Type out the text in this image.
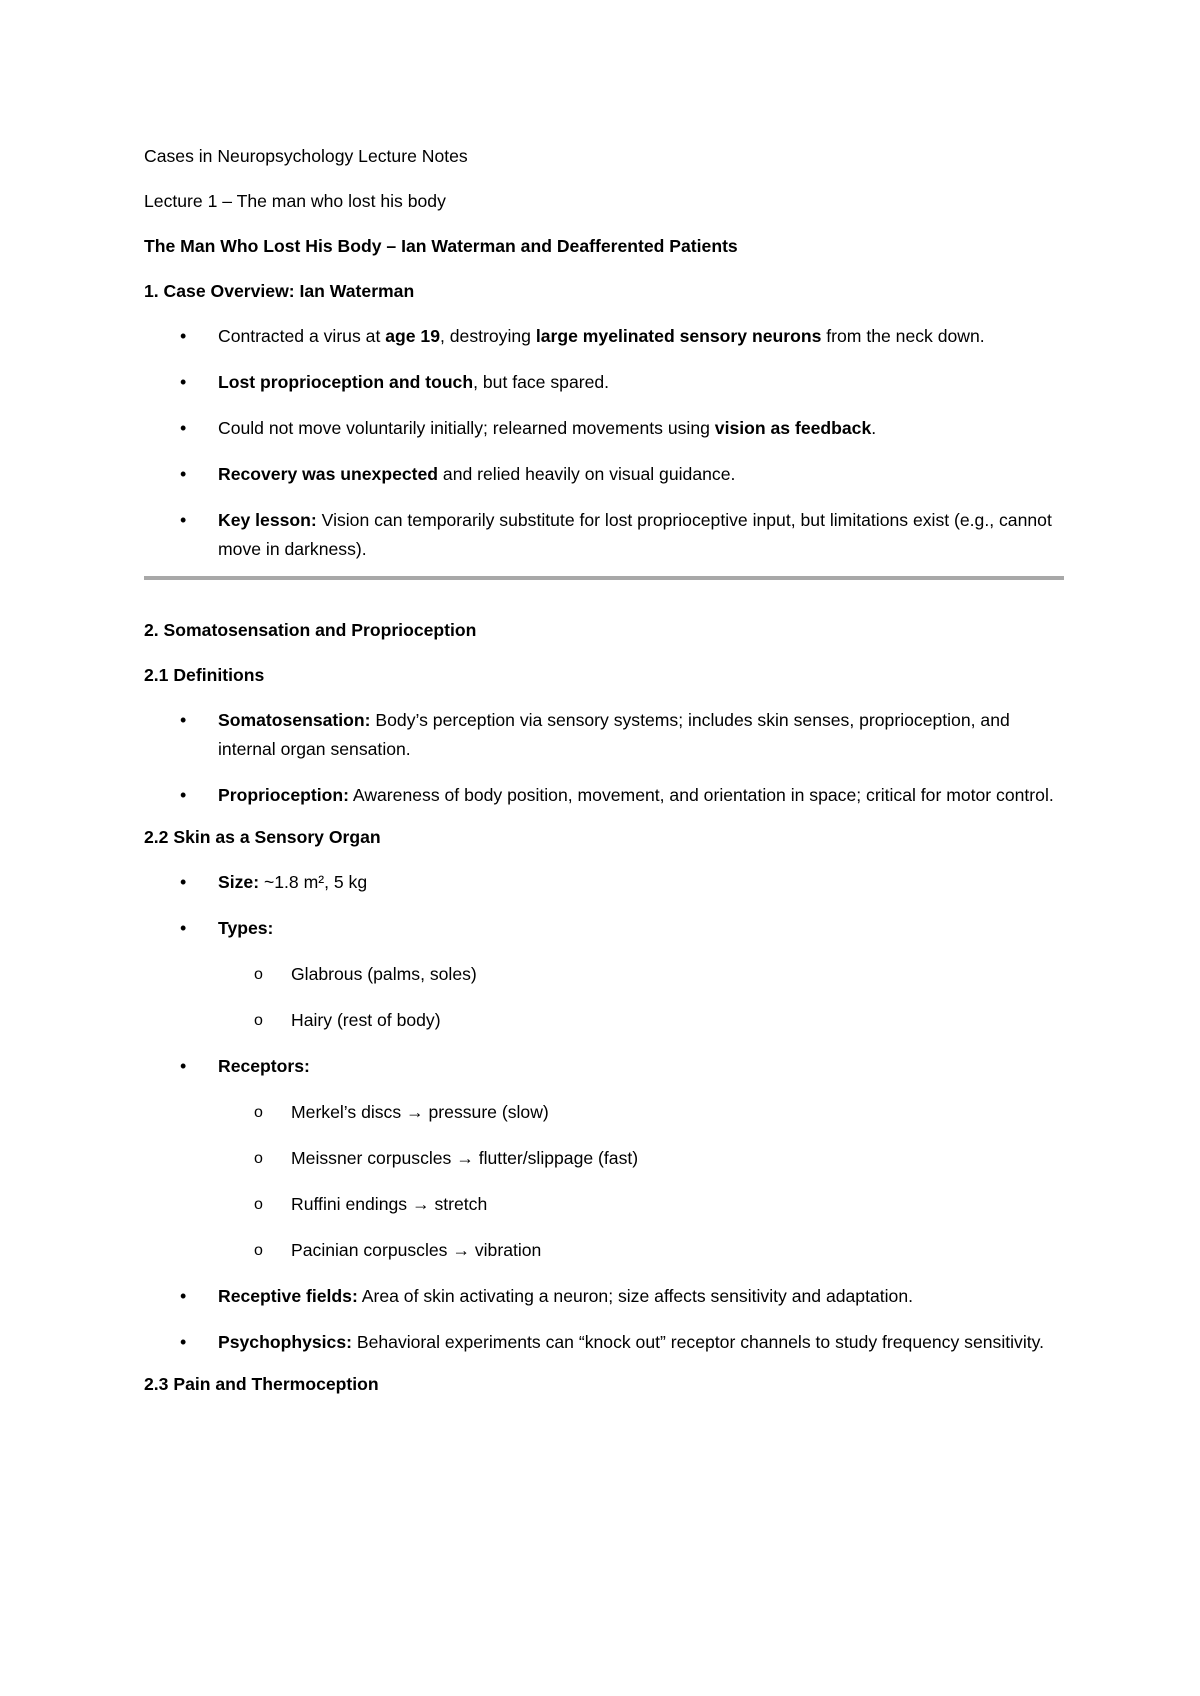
Cases in Neuropsychology Lecture Notes

Lecture 1 – The man who lost his body

The Man Who Lost His Body – Ian Waterman and Deafferented Patients

1. Case Overview: Ian Waterman

• Contracted a virus at age 19, destroying large myelinated sensory neurons from the neck down.
• Lost proprioception and touch, but face spared.
• Could not move voluntarily initially; relearned movements using vision as feedback.
• Recovery was unexpected and relied heavily on visual guidance.
• Key lesson: Vision can temporarily substitute for lost proprioceptive input, but limitations exist (e.g., cannot move in darkness).

2. Somatosensation and Proprioception

2.1 Definitions

• Somatosensation: Body’s perception via sensory systems; includes skin senses, proprioception, and internal organ sensation.
• Proprioception: Awareness of body position, movement, and orientation in space; critical for motor control.

2.2 Skin as a Sensory Organ

• Size: ~1.8 m², 5 kg
• Types:
o Glabrous (palms, soles)
o Hairy (rest of body)
• Receptors:
o Merkel’s discs → pressure (slow)
o Meissner corpuscles → flutter/slippage (fast)
o Ruffini endings → stretch
o Pacinian corpuscles → vibration
• Receptive fields: Area of skin activating a neuron; size affects sensitivity and adaptation.
• Psychophysics: Behavioral experiments can “knock out” receptor channels to study frequency sensitivity.

2.3 Pain and Thermoception
